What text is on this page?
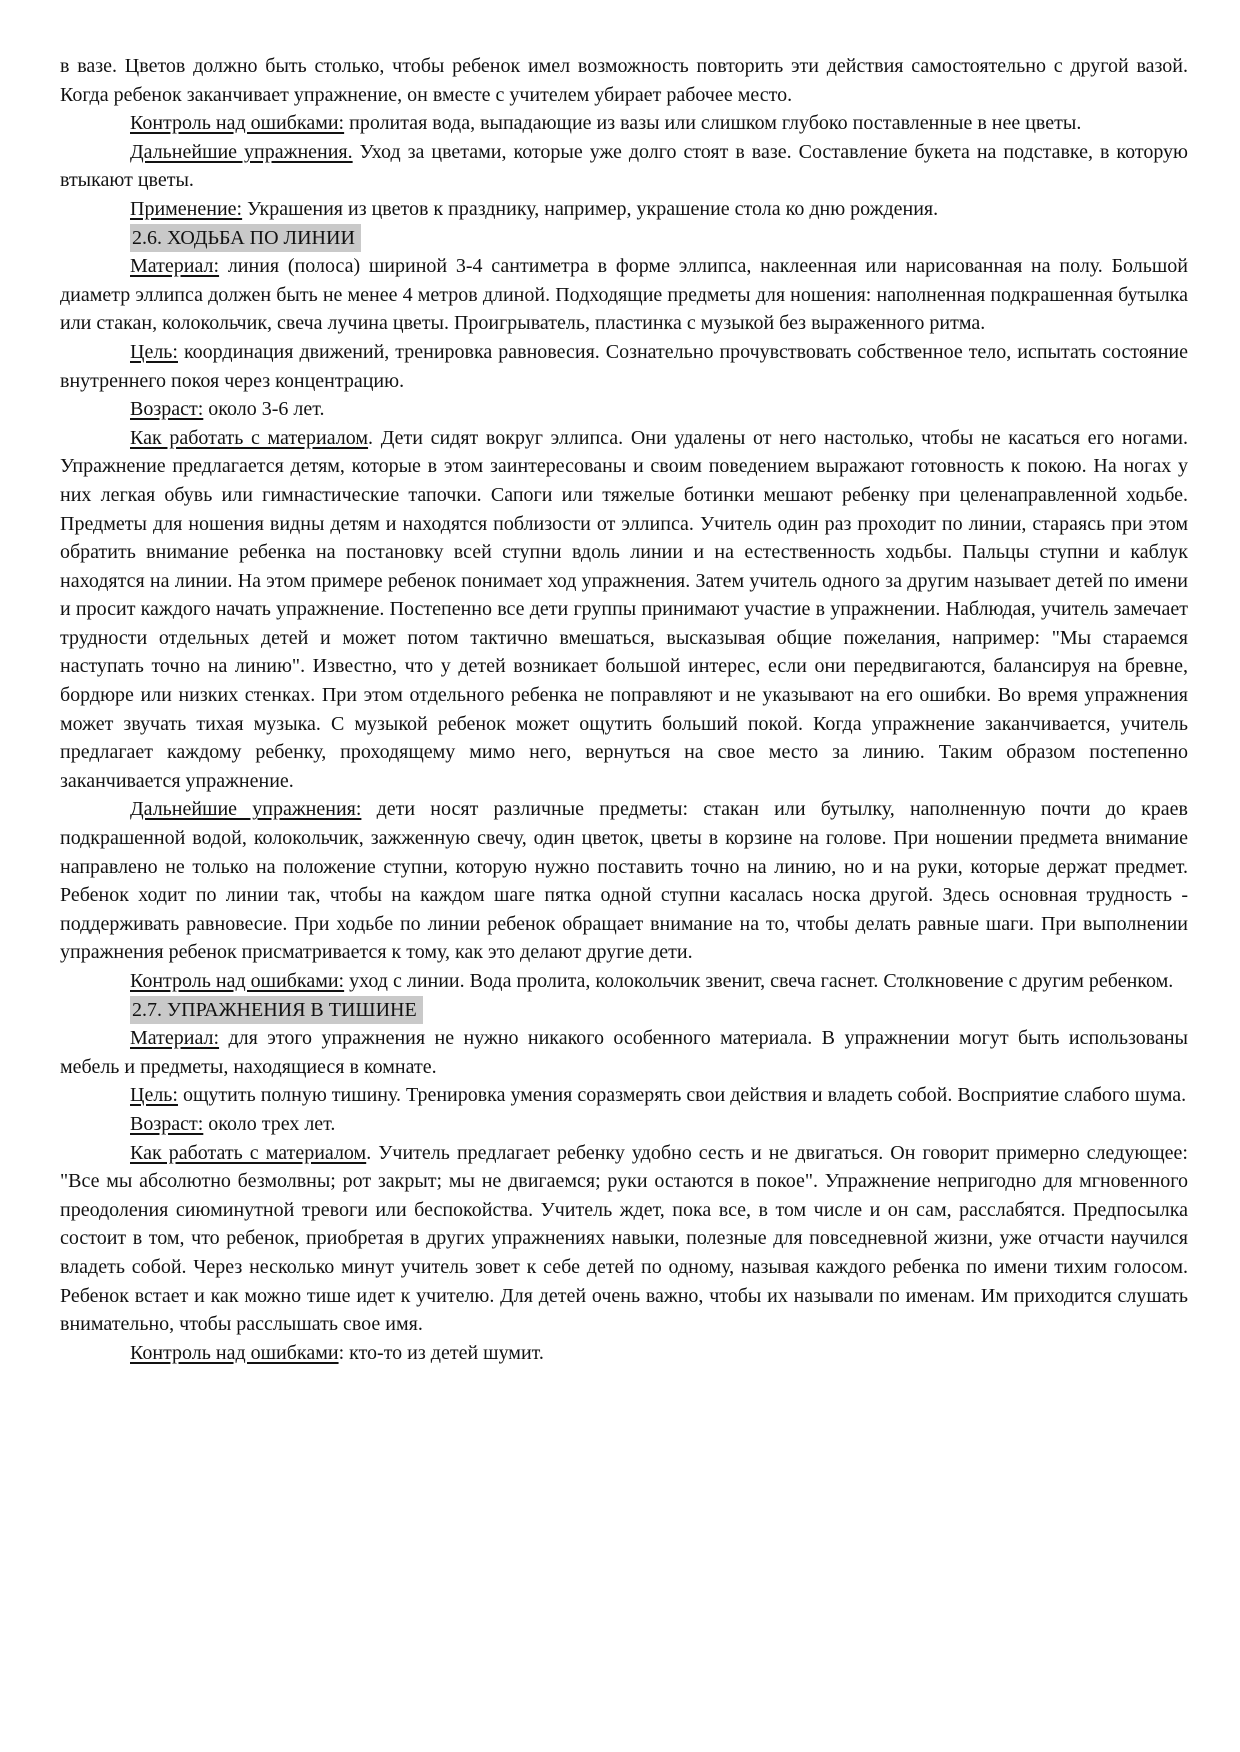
в вазе. Цветов должно быть столько, чтобы ребенок имел возможность повторить эти действия самостоятельно с другой вазой. Когда ребенок заканчивает упражнение, он вместе с учителем убирает рабочее место.

Контроль над ошибками: пролитая вода, выпадающие из вазы или слишком глубоко поставленные в нее цветы.

Дальнейшие упражнения. Уход за цветами, которые уже долго стоят в вазе. Составление букета на подставке, в которую втыкают цветы.

Применение: Украшения из цветов к празднику, например, украшение стола ко дню рождения.

2.6. ХОДЬБА ПО ЛИНИИ

Материал: линия (полоса) шириной 3-4 сантиметра в форме эллипса, наклеенная или нарисованная на полу. Большой диаметр эллипса должен быть не менее 4 метров длиной. Подходящие предметы для ношения: наполненная подкрашенная бутылка или стакан, колокольчик, свеча лучина цветы. Проигрыватель, пластинка с музыкой без выраженного ритма.

Цель: координация движений, тренировка равновесия. Сознательно прочувствовать собственное тело, испытать состояние внутреннего покоя через концентрацию.

Возраст: около 3-6 лет.

Как работать с материалом. Дети сидят вокруг эллипса. Они удалены от него настолько, чтобы не касаться его ногами. Упражнение предлагается детям, которые в этом заинтересованы и своим поведением выражают готовность к покою. На ногах у них легкая обувь или гимнастические тапочки. Сапоги или тяжелые ботинки мешают ребенку при целенаправленной ходьбе. Предметы для ношения видны детям и находятся поблизости от эллипса. Учитель один раз проходит по линии, стараясь при этом обратить внимание ребенка на постановку всей ступни вдоль линии и на естественность ходьбы. Пальцы ступни и каблук находятся на линии. На этом примере ребенок понимает ход упражнения. Затем учитель одного за другим называет детей по имени и просит каждого начать упражнение. Постепенно все дети группы принимают участие в упражнении. Наблюдая, учитель замечает трудности отдельных детей и может потом тактично вмешаться, высказывая общие пожелания, например: "Мы стараемся наступать точно на линию". Известно, что у детей возникает большой интерес, если они передвигаются, балансируя на бревне, бордюре или низких стенках. При этом отдельного ребенка не поправляют и не указывают на его ошибки. Во время упражнения может звучать тихая музыка. С музыкой ребенок может ощутить больший покой. Когда упражнение заканчивается, учитель предлагает каждому ребенку, проходящему мимо него, вернуться на свое место за линию. Таким образом постепенно заканчивается упражнение.

Дальнейшие упражнения: дети носят различные предметы: стакан или бутылку, наполненную почти до краев подкрашенной водой, колокольчик, зажженную свечу, один цветок, цветы в корзине на голове. При ношении предмета внимание направлено не только на положение ступни, которую нужно поставить точно на линию, но и на руки, которые держат предмет. Ребенок ходит по линии так, чтобы на каждом шаге пятка одной ступни касалась носка другой. Здесь основная трудность - поддерживать равновесие. При ходьбе по линии ребенок обращает внимание на то, чтобы делать равные шаги. При выполнении упражнения ребенок присматривается к тому, как это делают другие дети.

Контроль над ошибками: уход с линии. Вода пролита, колокольчик звенит, свеча гаснет. Столкновение с другим ребенком.

2.7. УПРАЖНЕНИЯ В ТИШИНЕ

Материал: для этого упражнения не нужно никакого особенного материала. В упражнении могут быть использованы мебель и предметы, находящиеся в комнате.

Цель: ощутить полную тишину. Тренировка умения соразмерять свои действия и владеть собой. Восприятие слабого шума.

Возраст: около трех лет.

Как работать с материалом. Учитель предлагает ребенку удобно сесть и не двигаться. Он говорит примерно следующее: "Все мы абсолютно безмолвны; рот закрыт; мы не двигаемся; руки остаются в покое". Упражнение непригодно для мгновенного преодоления сиюминутной тревоги или беспокойства. Учитель ждет, пока все, в том числе и он сам, расслабятся. Предпосылка состоит в том, что ребенок, приобретая в других упражнениях навыки, полезные для повседневной жизни, уже отчасти научился владеть собой. Через несколько минут учитель зовет к себе детей по одному, называя каждого ребенка по имени тихим голосом. Ребенок встает и как можно тише идет к учителю. Для детей очень важно, чтобы их называли по именам. Им приходится слушать внимательно, чтобы расслышать свое имя.

Контроль над ошибками: кто-то из детей шумит.
